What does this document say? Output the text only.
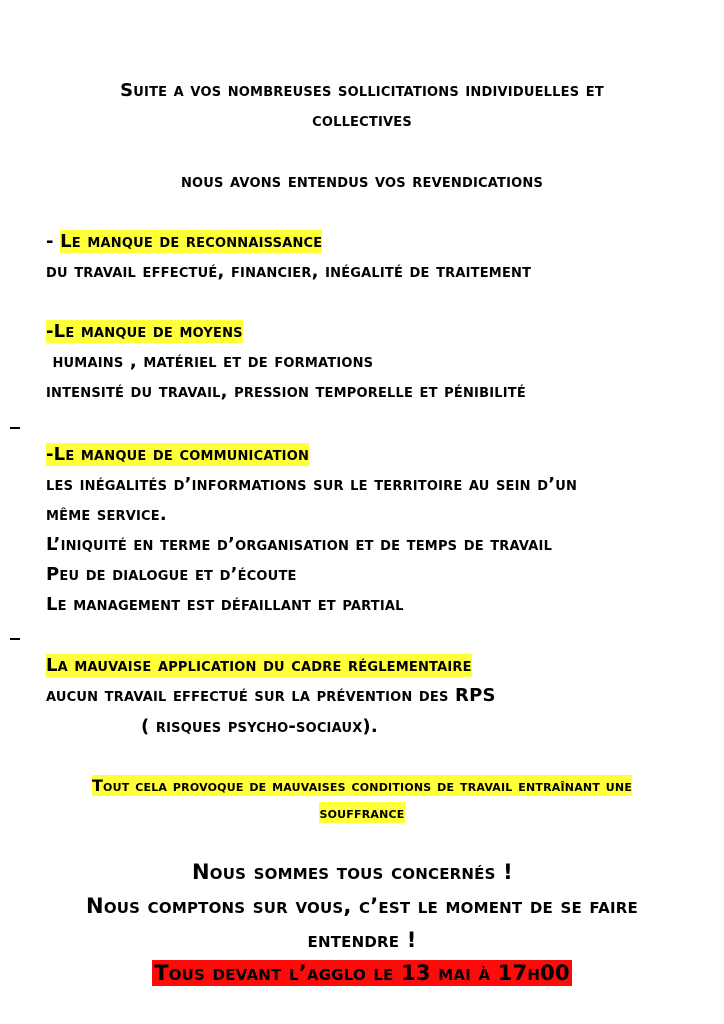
Suite a vos nombreuses sollicitations individuelles et
collectives
nous avons entendus vos revendications
- Le manque de reconnaissance
du travail effectué, financier, inégalité de traitement
-Le manque de moyens
humains , matériel et de formations
intensité du travail, pression temporelle et pénibilité
-Le manque de communication
les inégalités d’informations sur le territoire au sein d’un
même service.
L’iniquité en terme d’organisation et de temps de travail
Peu de dialogue et d’écoute
Le management est défaillant et partial
La mauvaise application du cadre réglementaire
aucun travail effectué sur la prévention des RPS
( risques psycho-sociaux).
Tout cela provoque de mauvaises conditions de travail entraînant une
souffrance
Nous sommes tous concernés !
Nous comptons sur vous, c’est le moment de se faire
entendre !
Tous devant l’agglo le 13 mai à 17h00
